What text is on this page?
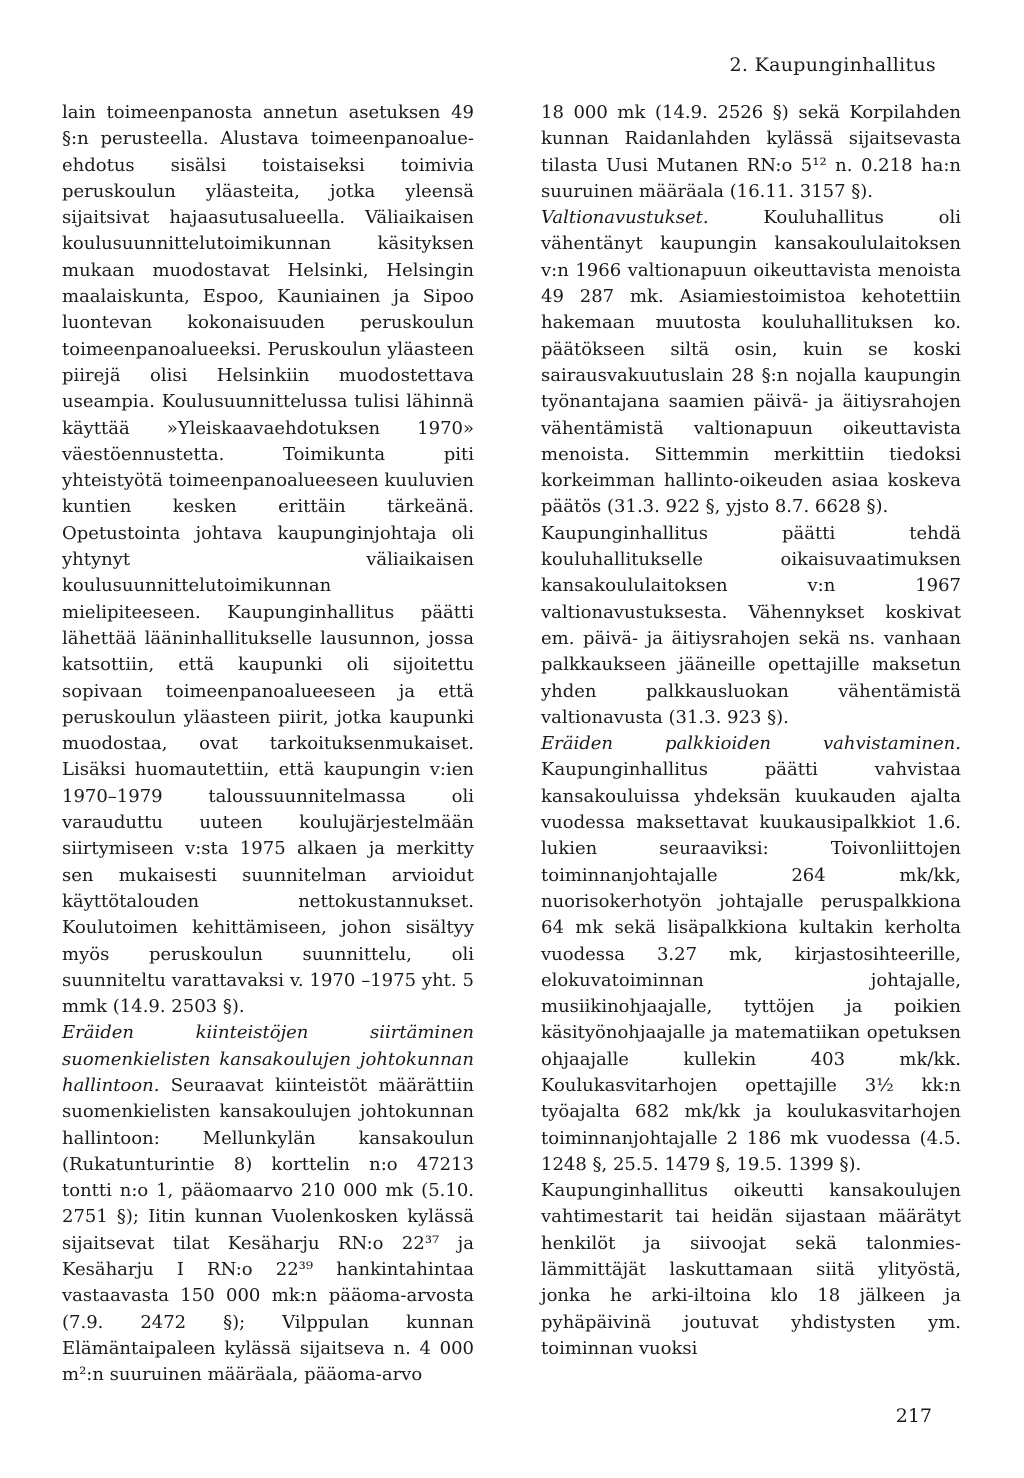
2. Kaupunginhallitus

lain toimeenpanosta annetun asetuksen 49 §:n perusteella. Alustava toimeenpanoalue-ehdotus sisälsi toistaiseksi toimivia peruskoulun yläasteita, jotka yleensä sijaitsivat hajaasutusalueella. Väliaikaisen koulusuunnittelutoimikunnan käsityksen mukaan muodostavat Helsinki, Helsingin maalaiskunta, Espoo, Kauniainen ja Sipoo luontevan kokonaisuuden peruskoulun toimeenpanoalueeksi. Peruskoulun yläasteen piirejä olisi Helsinkiin muodostettava useampia. Koulusuunnittelussa tulisi lähinnä käyttää »Yleiskaavaehdotuksen 1970» väestöennustetta. Toimikunta piti yhteistyötä toimeenpanoalueeseen kuuluvien kuntien kesken erittäin tärkeänä. Opetustointa johtava kaupunginjohtaja oli yhtynyt väliaikaisen koulusuunnittelutoimikunnan mielipiteeseen. Kaupunginhallitus päätti lähettää lääninhallitukselle lausunnon, jossa katsottiin, että kaupunki oli sijoitettu sopivaan toimeenpanoalueeseen ja että peruskoulun yläasteen piirit, jotka kaupunki muodostaa, ovat tarkoituksenmukaiset. Lisäksi huomautettiin, että kaupungin v:ien 1970–1979 taloussuunnitelmassa oli varauduttu uuteen koulujärjestelmään siirtymiseen v:sta 1975 alkaen ja merkitty sen mukaisesti suunnitelman arvioidut käyttötalouden nettokustannukset. Koulutoimen kehittämiseen, johon sisältyy myös peruskoulun suunnittelu, oli suunniteltu varattavaksi v. 1970 –1975 yht. 5 mmk (14.9. 2503 §).

Eräiden kiinteistöjen siirtäminen suomenkielisten kansakoulujen johtokunnan hallintoon. Seuraavat kiinteistöt määrättiin suomenkielisten kansakoulujen johtokunnan hallintoon: Mellunkylän kansakoulun (Rukatunturintie 8) korttelin n:o 47213 tontti n:o 1, pääomaarvo 210 000 mk (5.10. 2751 §); Iitin kunnan Vuolenkosken kylässä sijaitsevat tilat Kesäharju RN:o 22³⁷ ja Kesäharju I RN:o 22³⁹ hankintahintaa vastaavasta 150 000 mk:n pääoma-arvosta (7.9. 2472 §); Vilppulan kunnan Elämäntaipaleen kylässä sijaitseva n. 4 000 m²:n suuruinen määräala, pääoma-arvo

18 000 mk (14.9. 2526 §) sekä Korpilahden kunnan Raidanlahden kylässä sijaitsevasta tilasta Uusi Mutanen RN:o 5¹² n. 0.218 ha:n suuruinen määräala (16.11. 3157 §).

Valtionavustukset. Kouluhallitus oli vähentänyt kaupungin kansakoululaitoksen v:n 1966 valtionapuun oikeuttavista menoista 49 287 mk. Asiamiestoimistoa kehotettiin hakemaan muutosta kouluhallituksen ko. päätökseen siltä osin, kuin se koski sairausvakuutuslain 28 §:n nojalla kaupungin työnantajana saamien päivä- ja äitiysrahojen vähentämistä valtionapuun oikeuttavista menoista. Sittemmin merkittiin tiedoksi korkeimman hallinto-oikeuden asiaa koskeva päätös (31.3. 922 §, yjsto 8.7. 6628 §).

Kaupunginhallitus päätti tehdä kouluhallitukselle oikaisuvaatimuksen kansakoululaitoksen v:n 1967 valtionavustuksesta. Vähennykset koskivat em. päivä- ja äitiysrahojen sekä ns. vanhaan palkkaukseen jääneille opettajille maksetun yhden palkkausluokan vähentämistä valtionavusta (31.3. 923 §).

Eräiden palkkioiden vahvistaminen. Kaupunginhallitus päätti vahvistaa kansakouluissa yhdeksän kuukauden ajalta vuodessa maksettavat kuukausipalkkiot 1.6. lukien seuraaviksi: Toivonliittojen toiminnanjohtajalle 264 mk/kk, nuorisokerhotyön johtajalle peruspalkkiona 64 mk sekä lisäpalkkiona kultakin kerholta vuodessa 3.27 mk, kirjastosihteerille, elokuvatoiminnan johtajalle, musiikinohjaajalle, tyttöjen ja poikien käsityönohjaajalle ja matematiikan opetuksen ohjaajalle kullekin 403 mk/kk. Koulukasvitarhojen opettajille 3½ kk:n työajalta 682 mk/kk ja koulukasvitarhojen toiminnanjohtajalle 2 186 mk vuodessa (4.5. 1248 §, 25.5. 1479 §, 19.5. 1399 §).

Kaupunginhallitus oikeutti kansakoulujen vahtimestarit tai heidän sijastaan määrätyt henkilöt ja siivoojat sekä talonmies-lämmittäjät laskuttamaan siitä ylityöstä, jonka he arki-iltoina klo 18 jälkeen ja pyhäpäivinä joutuvat yhdistysten ym. toiminnan vuoksi

217
